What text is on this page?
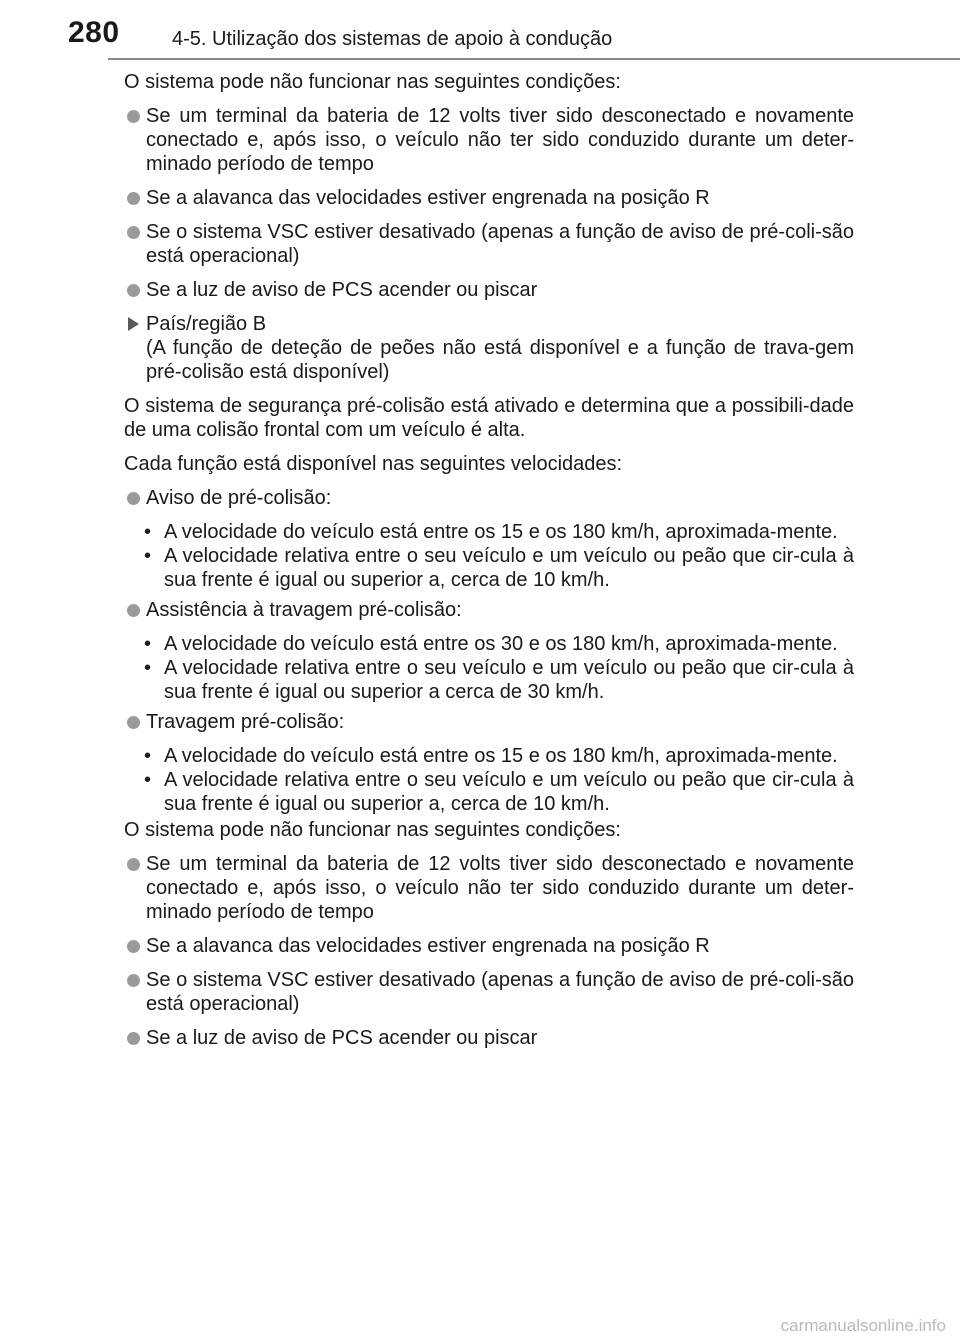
280	4-5. Utilização dos sistemas de apoio à condução

O sistema pode não funcionar nas seguintes condições:

Se um terminal da bateria de 12 volts tiver sido desconectado e novamente conectado e, após isso, o veículo não ter sido conduzido durante um deter-minado período de tempo
Se a alavanca das velocidades estiver engrenada na posição R
Se o sistema VSC estiver desativado (apenas a função de aviso de pré-coli-são está operacional)
Se a luz de aviso de PCS acender ou piscar
País/região B
(A função de deteção de peões não está disponível e a função de trava-gem pré-colisão está disponível)

O sistema de segurança pré-colisão está ativado e determina que a possibili-dade de uma colisão frontal com um veículo é alta.

Cada função está disponível nas seguintes velocidades:

Aviso de pré-colisão:
• A velocidade do veículo está entre os 15 e os 180 km/h, aproximada-mente.
• A velocidade relativa entre o seu veículo e um veículo ou peão que cir-cula à sua frente é igual ou superior a, cerca de 10 km/h.
Assistência à travagem pré-colisão:
• A velocidade do veículo está entre os 30 e os 180 km/h, aproximada-mente.
• A velocidade relativa entre o seu veículo e um veículo ou peão que cir-cula à sua frente é igual ou superior a cerca de 30 km/h.
Travagem pré-colisão:
• A velocidade do veículo está entre os 15 e os 180 km/h, aproximada-mente.
• A velocidade relativa entre o seu veículo e um veículo ou peão que cir-cula à sua frente é igual ou superior a, cerca de 10 km/h.

O sistema pode não funcionar nas seguintes condições:

Se um terminal da bateria de 12 volts tiver sido desconectado e novamente conectado e, após isso, o veículo não ter sido conduzido durante um deter-minado período de tempo
Se a alavanca das velocidades estiver engrenada na posição R
Se o sistema VSC estiver desativado (apenas a função de aviso de pré-coli-são está operacional)
Se a luz de aviso de PCS acender ou piscar
carmanualsonline.info
